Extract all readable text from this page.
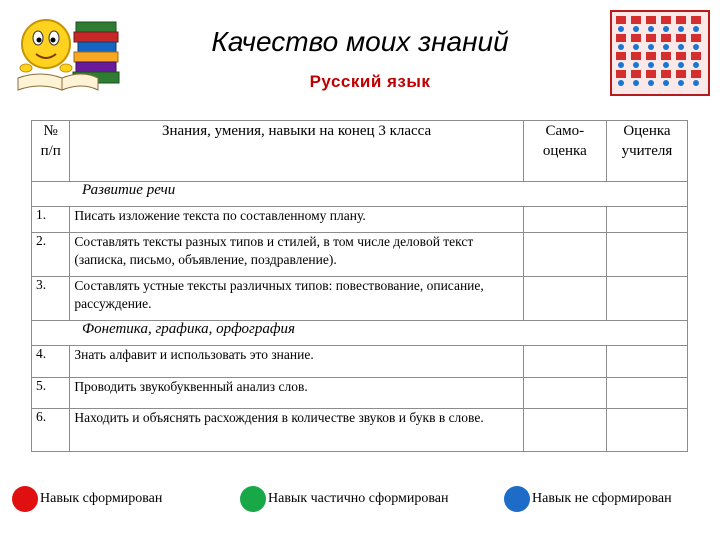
Качество моих знаний
Русский язык
№ п/п	Знания, умения, навыки на конец 3 класса	Само-оценка	Оценка учителя
Развитие речи			
1.	Писать изложение текста по составленному плану.		
2.	Составлять тексты разных типов и стилей, в том числе деловой текст (записка, письмо, объявление, поздравление).		
3.	Составлять устные тексты различных типов: повествование, описание, рассуждение.		
Фонетика, графика, орфография			
4.	Знать алфавит и использовать это знание.		
5.	Проводить звукобуквенный анализ слов.		
6.	Находить и объяснять расхождения в количестве звуков и букв в слове.		
Навык сформирован	Навык частично сформирован	Навык не сформирован
